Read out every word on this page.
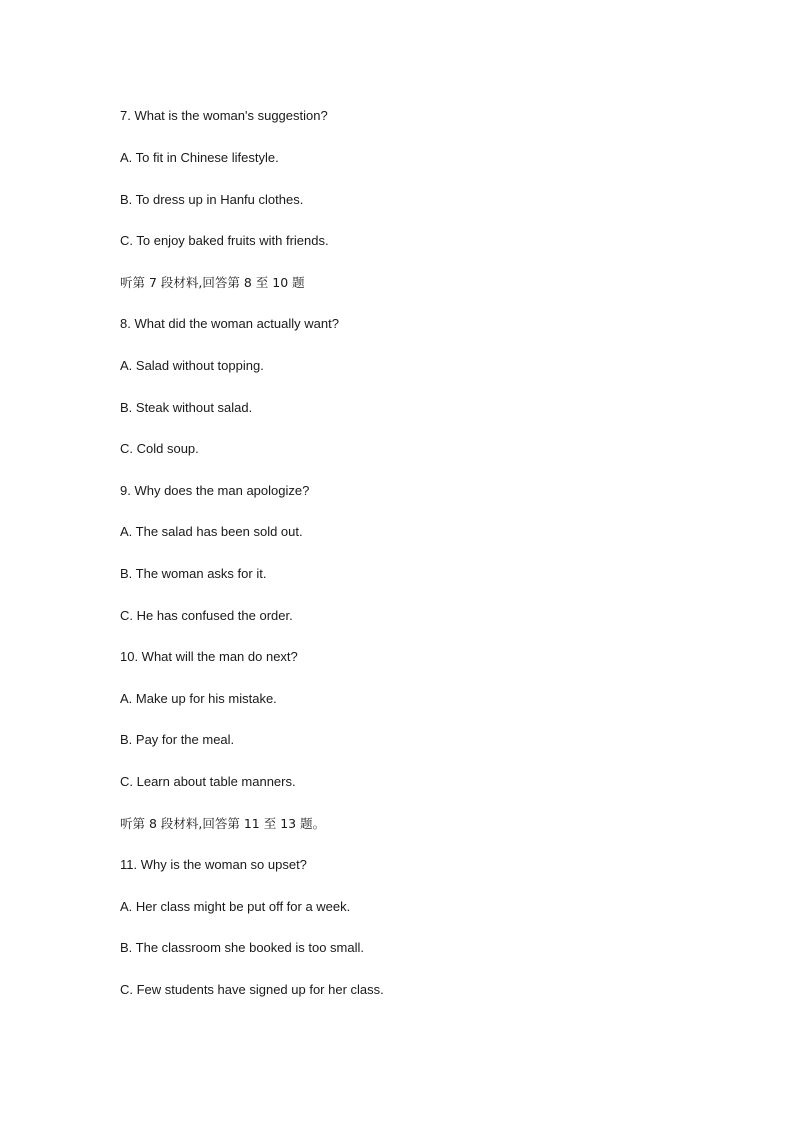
7. What is the woman's suggestion?

A. To fit in Chinese lifestyle.

B. To dress up in Hanfu clothes.

C. To enjoy baked fruits with friends.

听第 7 段材料,回答第 8 至 10 题

8. What did the woman actually want?

A. Salad without topping.

B. Steak without salad.

C. Cold soup.

9. Why does the man apologize?

A. The salad has been sold out.

B. The woman asks for it.

C. He has confused the order.

10. What will the man do next?

A. Make up for his mistake.

B. Pay for the meal.

C. Learn about table manners.

听第 8 段材料,回答第 11 至 13 题。

11. Why is the woman so upset?

A. Her class might be put off for a week.

B. The classroom she booked is too small.

C. Few students have signed up for her class.
